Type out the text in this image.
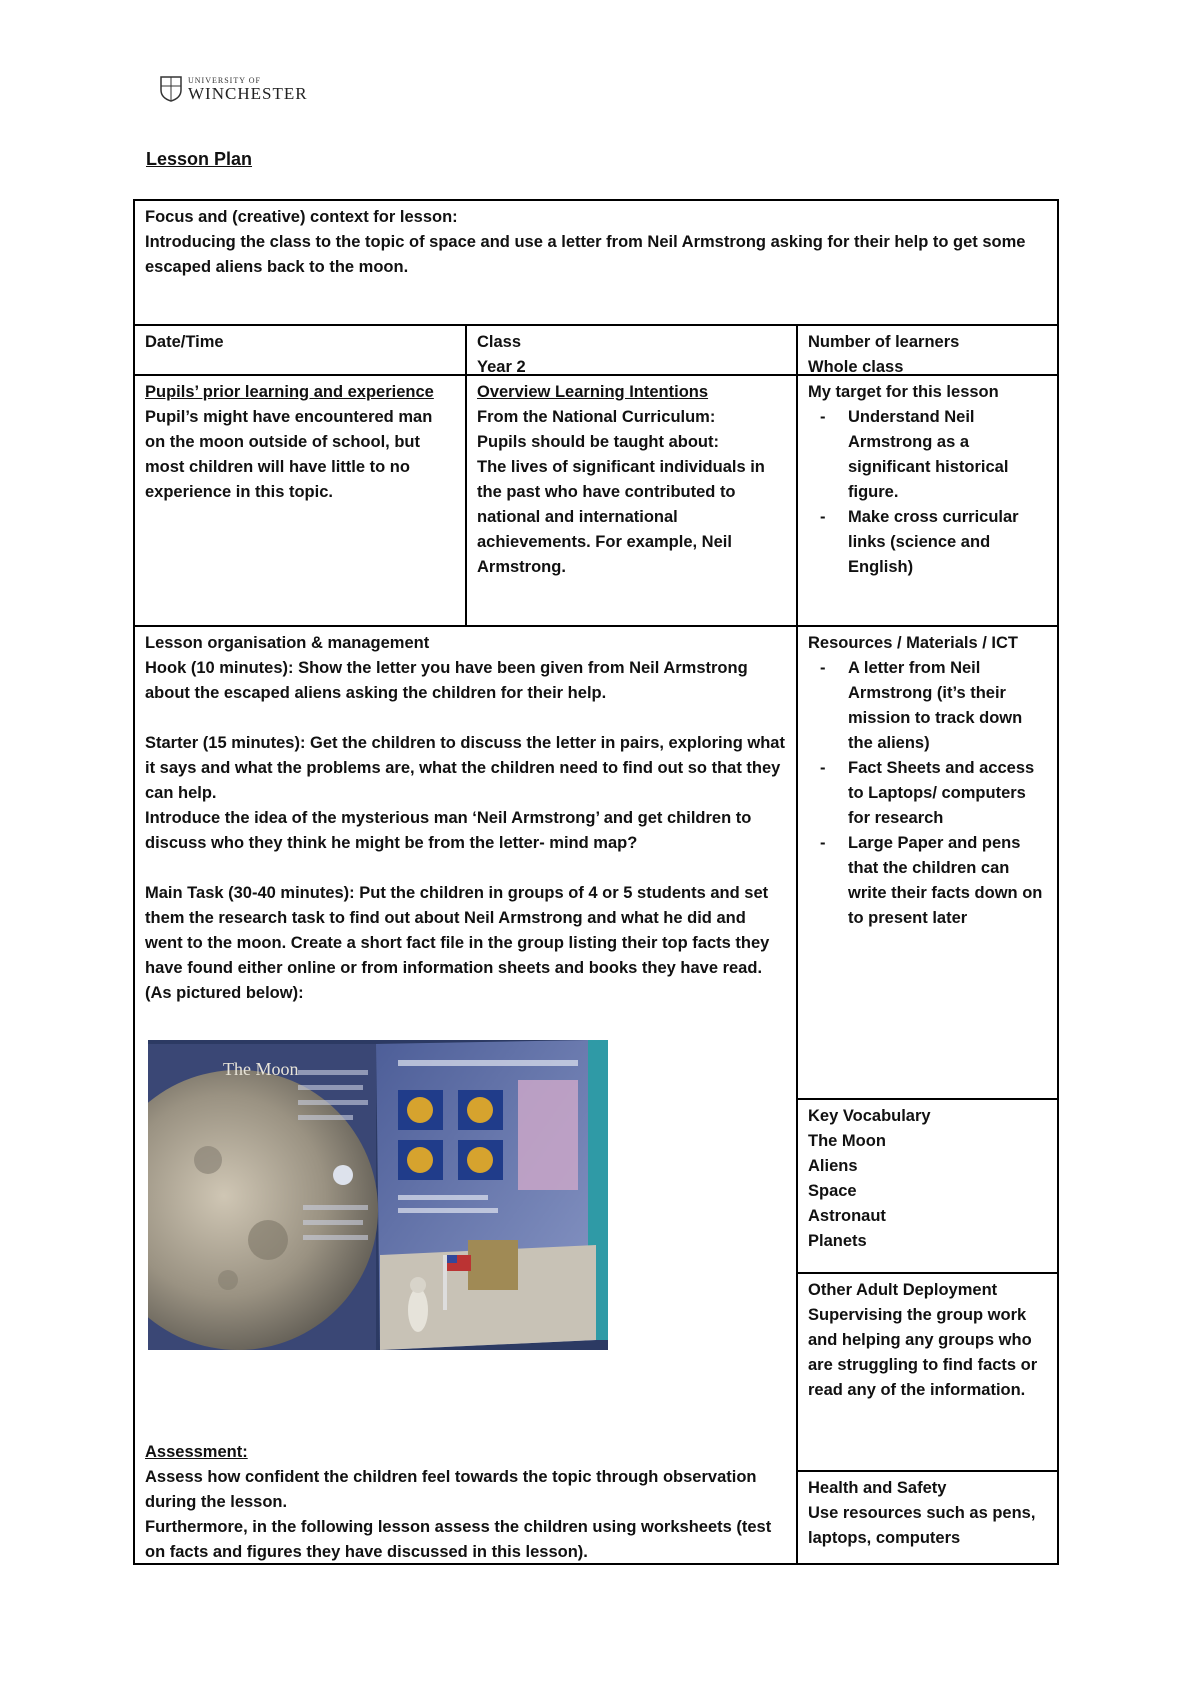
UNIVERSITY OF
WINCHESTER
Lesson Plan
Focus and (creative) context for lesson:
Introducing the class to the topic of space and use a letter from Neil Armstrong asking for their help to get some escaped aliens back to the moon.
Date/Time	Class
Year 2
Number of learners
Whole class
Pupils’ prior learning and experience
Pupil’s might have encountered man on the moon outside of school, but most children will have little to no experience in this topic.
Overview Learning Intentions
From the National Curriculum:
Pupils should be taught about:
The lives of significant individuals in the past who have contributed to national and international achievements. For example, Neil Armstrong.
My target for this lesson
- Understand Neil Armstrong as a significant historical figure.
- Make cross curricular links (science and English)
Lesson organisation & management

Hook (10 minutes): Show the letter you have been given from Neil Armstrong about the escaped aliens asking the children for their help.

Starter (15 minutes): Get the children to discuss the letter in pairs, exploring what it says and what the problems are, what the children need to find out so that they can help.

Introduce the idea of the mysterious man ‘Neil Armstrong’ and get children to discuss who they think he might be from the letter- mind map?

Main Task (30-40 minutes): Put the children in groups of 4 or 5 students and set them the research task to find out about Neil Armstrong and what he did and went to the moon. Create a short fact file in the group listing their top facts they have found either online or from information sheets and books they have read. (As pictured below):

The Moon
Assessment:
Assess how confident the children feel towards the topic through observation during the lesson.
Furthermore, in the following lesson assess the children using worksheets (test on facts and figures they have discussed in this lesson).
Resources / Materials / ICT
- A letter from Neil Armstrong (it’s their mission to track down the aliens)
- Fact Sheets and access to Laptops/ computers for research
- Large Paper and pens that the children can write their facts down on to present later
Key Vocabulary
The Moon
Aliens
Space
Astronaut
Planets
Other Adult Deployment
Supervising the group work and helping any groups who are struggling to find facts or read any of the information.
Health and Safety
Use resources such as pens, laptops, computers
